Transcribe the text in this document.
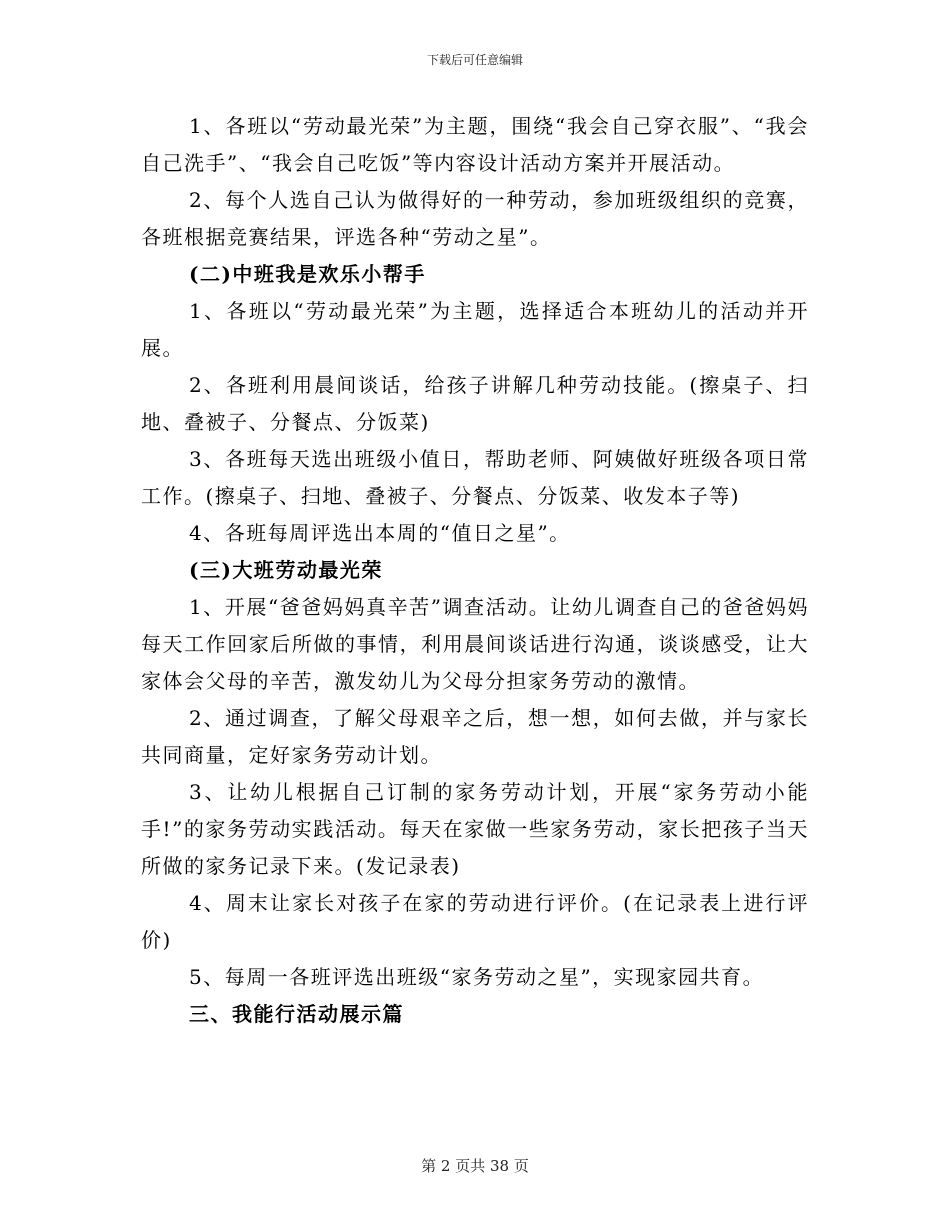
下载后可任意编辑

1、各班以“劳动最光荣”为主题，围绕“我会自己穿衣服”、“我会自己洗手”、“我会自己吃饭”等内容设计活动方案并开展活动。

2、每个人选自己认为做得好的一种劳动，参加班级组织的竞赛，各班根据竞赛结果，评选各种“劳动之星”。

(二)中班我是欢乐小帮手

1、各班以“劳动最光荣”为主题，选择适合本班幼儿的活动并开展。

2、各班利用晨间谈话，给孩子讲解几种劳动技能。(擦桌子、扫地、叠被子、分餐点、分饭菜)

3、各班每天选出班级小值日，帮助老师、阿姨做好班级各项日常工作。(擦桌子、扫地、叠被子、分餐点、分饭菜、收发本子等)

4、各班每周评选出本周的“值日之星”。

(三)大班劳动最光荣

1、开展“爸爸妈妈真辛苦”调查活动。让幼儿调查自己的爸爸妈妈每天工作回家后所做的事情，利用晨间谈话进行沟通，谈谈感受，让大家体会父母的辛苦，激发幼儿为父母分担家务劳动的激情。

2、通过调查，了解父母艰辛之后，想一想，如何去做，并与家长共同商量，定好家务劳动计划。

3、让幼儿根据自己订制的家务劳动计划，开展“家务劳动小能手!”的家务劳动实践活动。每天在家做一些家务劳动，家长把孩子当天所做的家务记录下来。(发记录表)

4、周末让家长对孩子在家的劳动进行评价。(在记录表上进行评价)

5、每周一各班评选出班级“家务劳动之星”，实现家园共育。

三、我能行活动展示篇

第 2 页共 38 页
